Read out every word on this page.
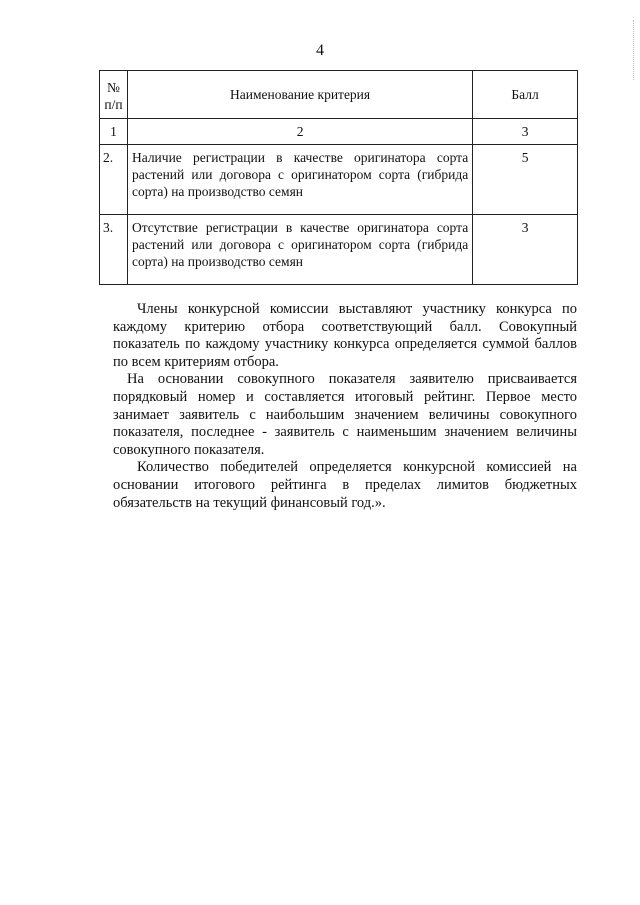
4
№ п/п	Наименование критерия	Балл
1	2	3
2.	Наличие регистрации в качестве оригинатора сорта растений или договора с оригинатором сорта (гибрида сорта) на производство семян	5
3.	Отсутствие регистрации в качестве оригинатора сорта растений или договора с оригинатором сорта (гибрида сорта) на производство семян	3

Члены конкурсной комиссии выставляют участнику конкурса по каждому критерию отбора соответствующий балл. Совокупный показатель по каждому участнику конкурса определяется суммой баллов по всем критериям отбора.

На основании совокупного показателя заявителю присваивается порядковый номер и составляется итоговый рейтинг. Первое место занимает заявитель с наибольшим значением величины совокупного показателя, последнее - заявитель с наименьшим значением величины совокупного показателя.

Количество победителей определяется конкурсной комиссией на основании итогового рейтинга в пределах лимитов бюджетных обязательств на текущий финансовый год.».
